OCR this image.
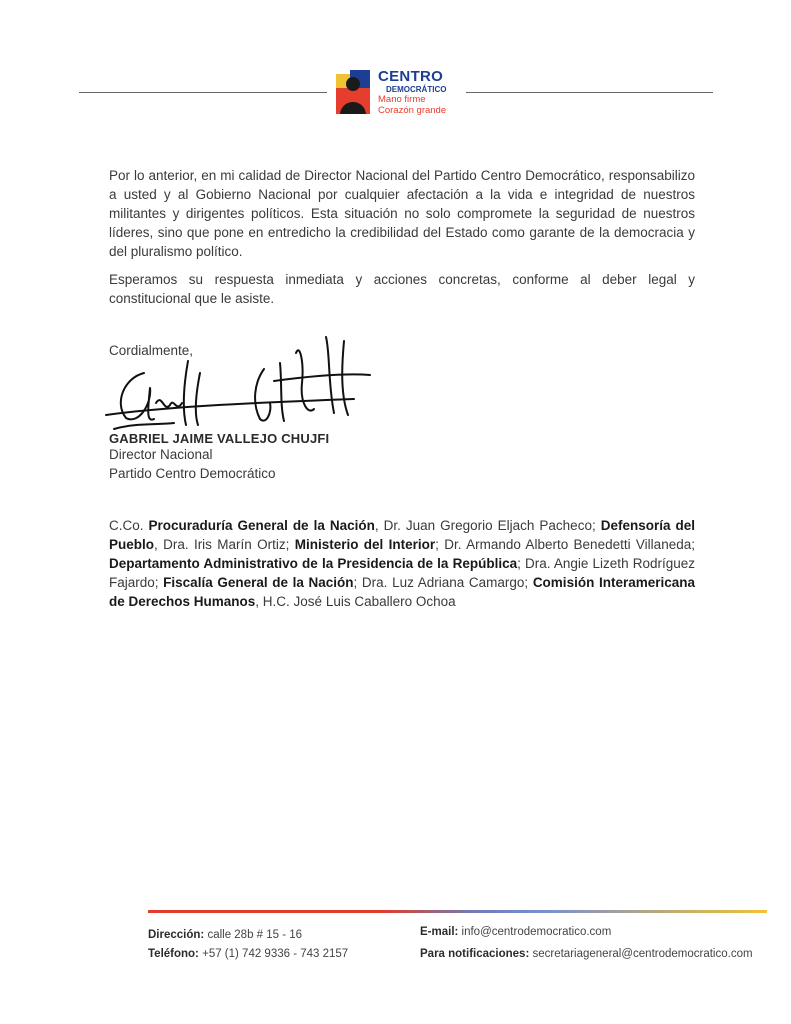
CENTRO
DEMOCRÁTICO
Mano firme
Corazón grande

Por lo anterior, en mi calidad de Director Nacional del Partido Centro Democrático, responsabilizo a usted y al Gobierno Nacional por cualquier afectación a la vida e integridad de nuestros militantes y dirigentes políticos. Esta situación no solo compromete la seguridad de nuestros líderes, sino que pone en entredicho la credibilidad del Estado como garante de la democracia y del pluralismo político.

Esperamos su respuesta inmediata y acciones concretas, conforme al deber legal y constitucional que le asiste.

Cordialmente,
GABRIEL JAIME VALLEJO CHUJFI
Director Nacional
Partido Centro Democrático

C.Co. Procuraduría General de la Nación, Dr. Juan Gregorio Eljach Pacheco; Defensoría del Pueblo, Dra. Iris Marín Ortiz; Ministerio del Interior; Dr. Armando Alberto Benedetti Villaneda; Departamento Administrativo de la Presidencia de la República; Dra. Angie Lizeth Rodríguez Fajardo; Fiscalía General de la Nación; Dra. Luz Adriana Camargo; Comisión Interamericana de Derechos Humanos, H.C. José Luis Caballero Ochoa

Dirección: calle 28b # 15 - 16
Teléfono: +57 (1) 742 9336 - 743 2157
E-mail: info@centrodemocratico.com
Para notificaciones: secretariageneral@centrodemocratico.com
